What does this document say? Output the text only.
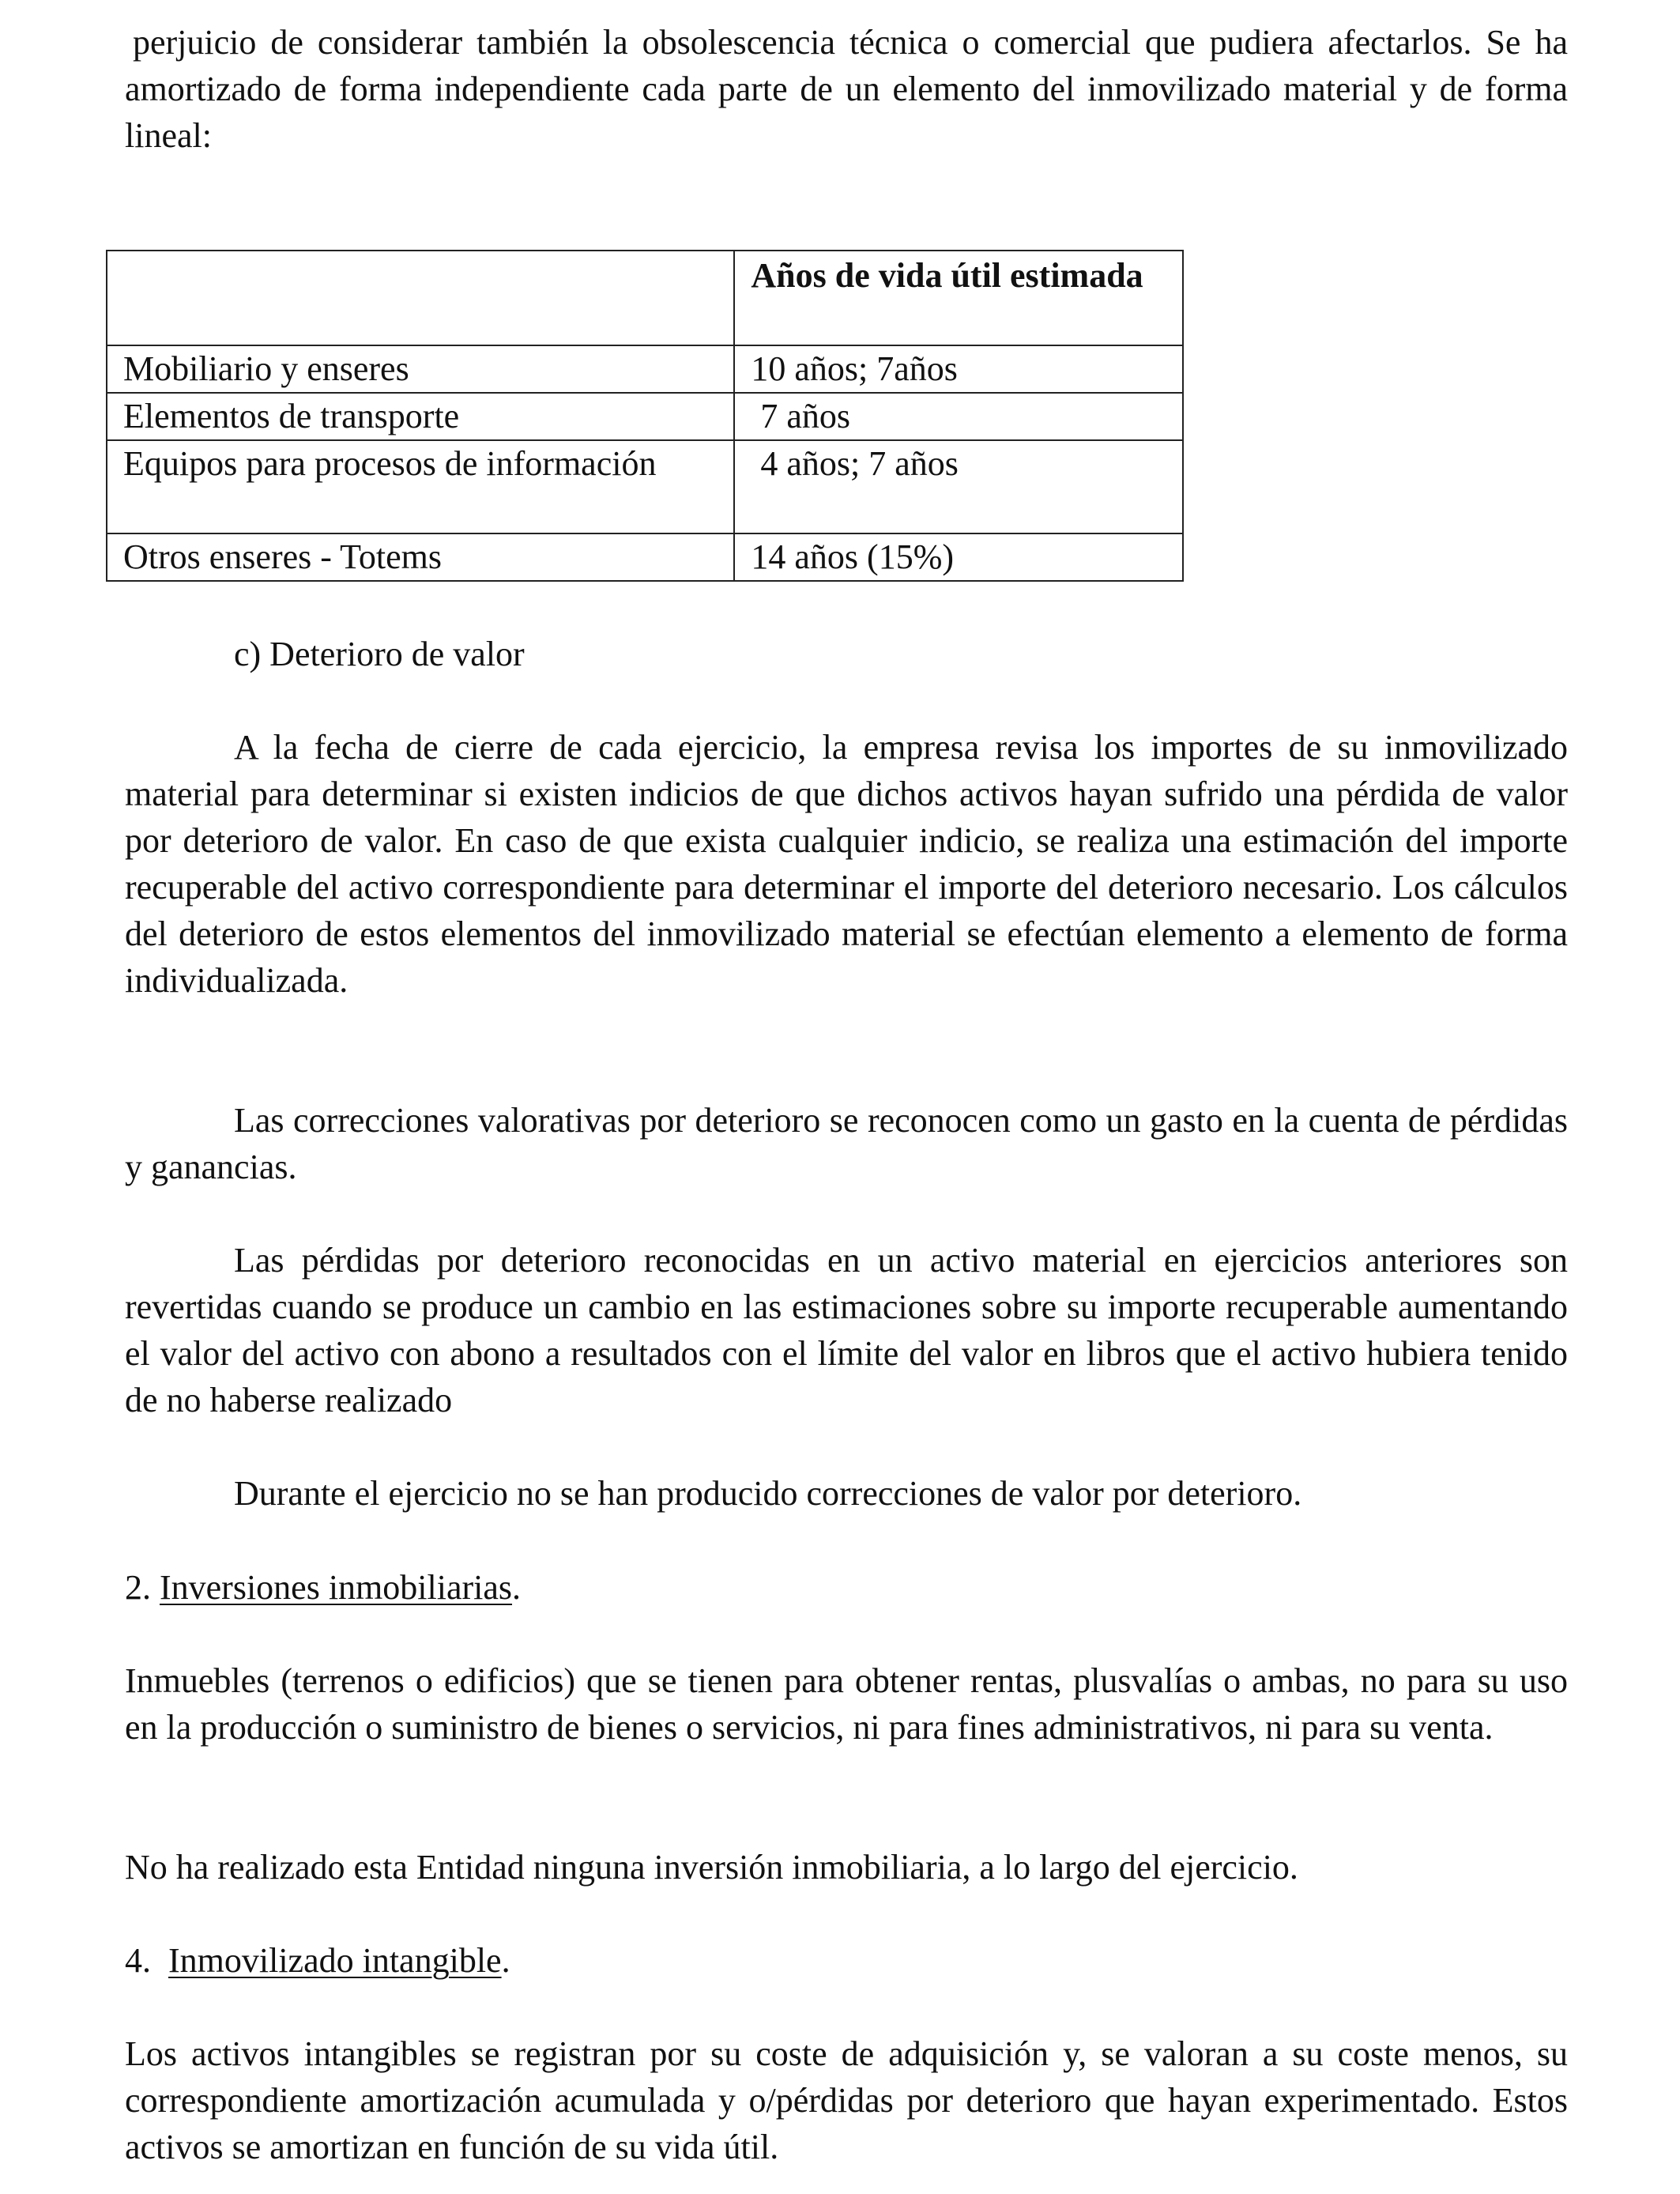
perjuicio de considerar también la obsolescencia técnica o comercial que pudiera afectarlos. Se ha amortizado de forma independiente cada parte de un elemento del inmovilizado material y de forma lineal:

	Años de vida útil estimada
Mobiliario y enseres	10 años; 7años
Elementos de transporte	7 años
Equipos para procesos de información	4 años; 7 años
Otros enseres - Totems	14 años (15%)

c) Deterioro de valor

A la fecha de cierre de cada ejercicio, la empresa revisa los importes de su inmovilizado material para determinar si existen indicios de que dichos activos hayan sufrido una pérdida de valor por deterioro de valor. En caso de que exista cualquier indicio, se realiza una estimación del importe recuperable del activo correspondiente para determinar el importe del deterioro necesario. Los cálculos del deterioro de estos elementos del inmovilizado material se efectúan elemento a elemento de forma individualizada.

Las correcciones valorativas por deterioro se reconocen como un gasto en la cuenta de pérdidas y ganancias.

Las pérdidas por deterioro reconocidas en un activo material en ejercicios anteriores son revertidas cuando se produce un cambio en las estimaciones sobre su importe recuperable aumentando el valor del activo con abono a resultados con el límite del valor en libros que el activo hubiera tenido de no haberse realizado

Durante el ejercicio no se han producido correcciones de valor por deterioro.

2. Inversiones inmobiliarias.

Inmuebles (terrenos o edificios) que se tienen para obtener rentas, plusvalías o ambas, no para su uso en la producción o suministro de bienes o servicios, ni para fines administrativos, ni para su venta.

No ha realizado esta Entidad ninguna inversión inmobiliaria, a lo largo del ejercicio.

4. Inmovilizado intangible.

Los activos intangibles se registran por su coste de adquisición y, se valoran a su coste menos, su correspondiente amortización acumulada y o/pérdidas por deterioro que hayan experimentado. Estos activos se amortizan en función de su vida útil.
